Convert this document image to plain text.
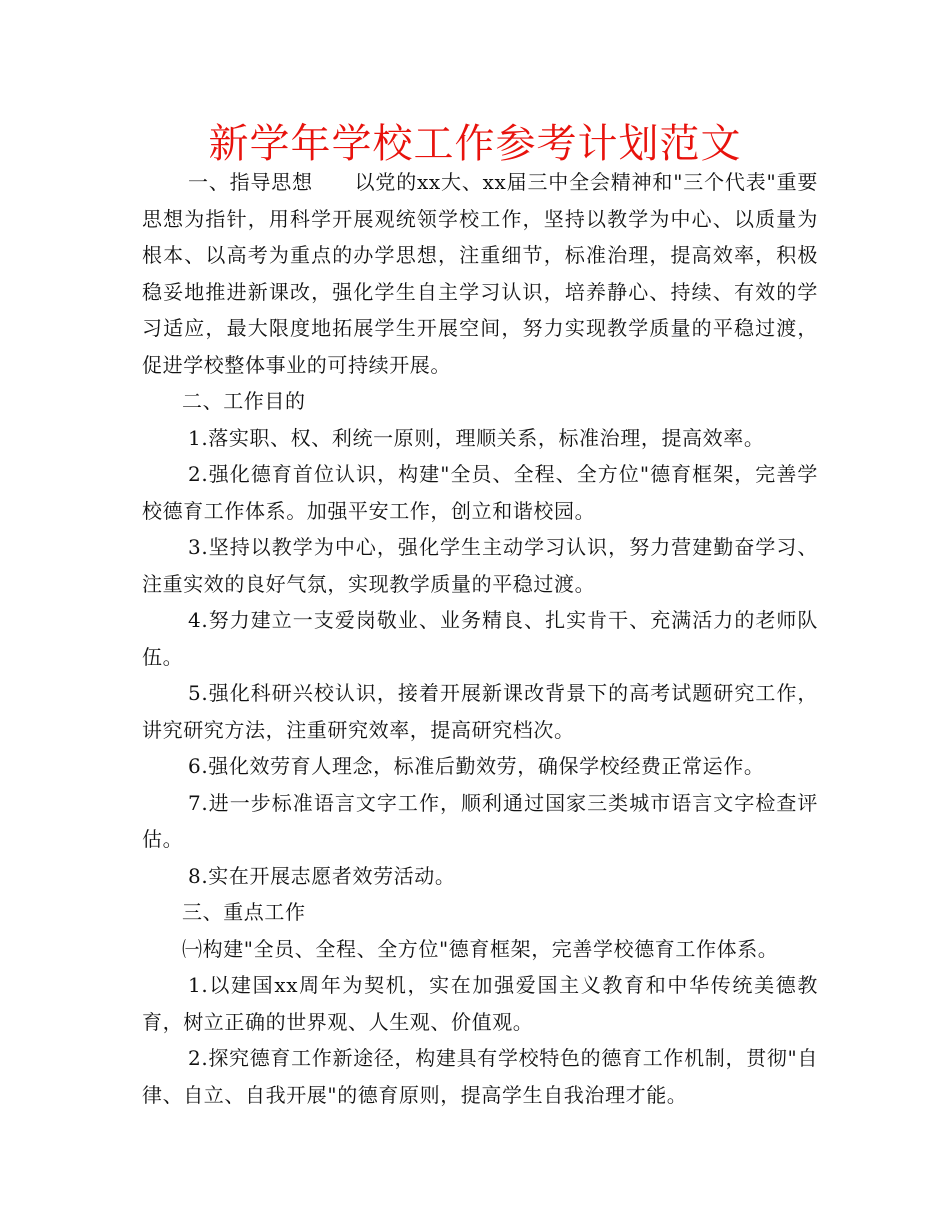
新学年学校工作参考计划范文

一、指导思想　　以党的xx大、xx届三中全会精神和"三个代表"重要思想为指针，用科学开展观统领学校工作，坚持以教学为中心、以质量为根本、以高考为重点的办学思想，注重细节，标准治理，提高效率，积极稳妥地推进新课改，强化学生自主学习认识，培养静心、持续、有效的学习适应，最大限度地拓展学生开展空间，努力实现教学质量的平稳过渡，促进学校整体事业的可持续开展。

二、工作目的

1.落实职、权、利统一原则，理顺关系，标准治理，提高效率。

2.强化德育首位认识，构建"全员、全程、全方位"德育框架，完善学校德育工作体系。加强平安工作，创立和谐校园。

3.坚持以教学为中心，强化学生主动学习认识，努力营建勤奋学习、注重实效的良好气氛，实现教学质量的平稳过渡。

4.努力建立一支爱岗敬业、业务精良、扎实肯干、充满活力的老师队伍。

5.强化科研兴校认识，接着开展新课改背景下的高考试题研究工作，讲究研究方法，注重研究效率，提高研究档次。

6.强化效劳育人理念，标准后勤效劳，确保学校经费正常运作。

7.进一步标准语言文字工作，顺利通过国家三类城市语言文字检查评估。

8.实在开展志愿者效劳活动。

三、重点工作

㈠构建"全员、全程、全方位"德育框架，完善学校德育工作体系。

1.以建国xx周年为契机，实在加强爱国主义教育和中华传统美德教育，树立正确的世界观、人生观、价值观。

2.探究德育工作新途径，构建具有学校特色的德育工作机制，贯彻"自律、自立、自我开展"的德育原则，提高学生自我治理才能。
